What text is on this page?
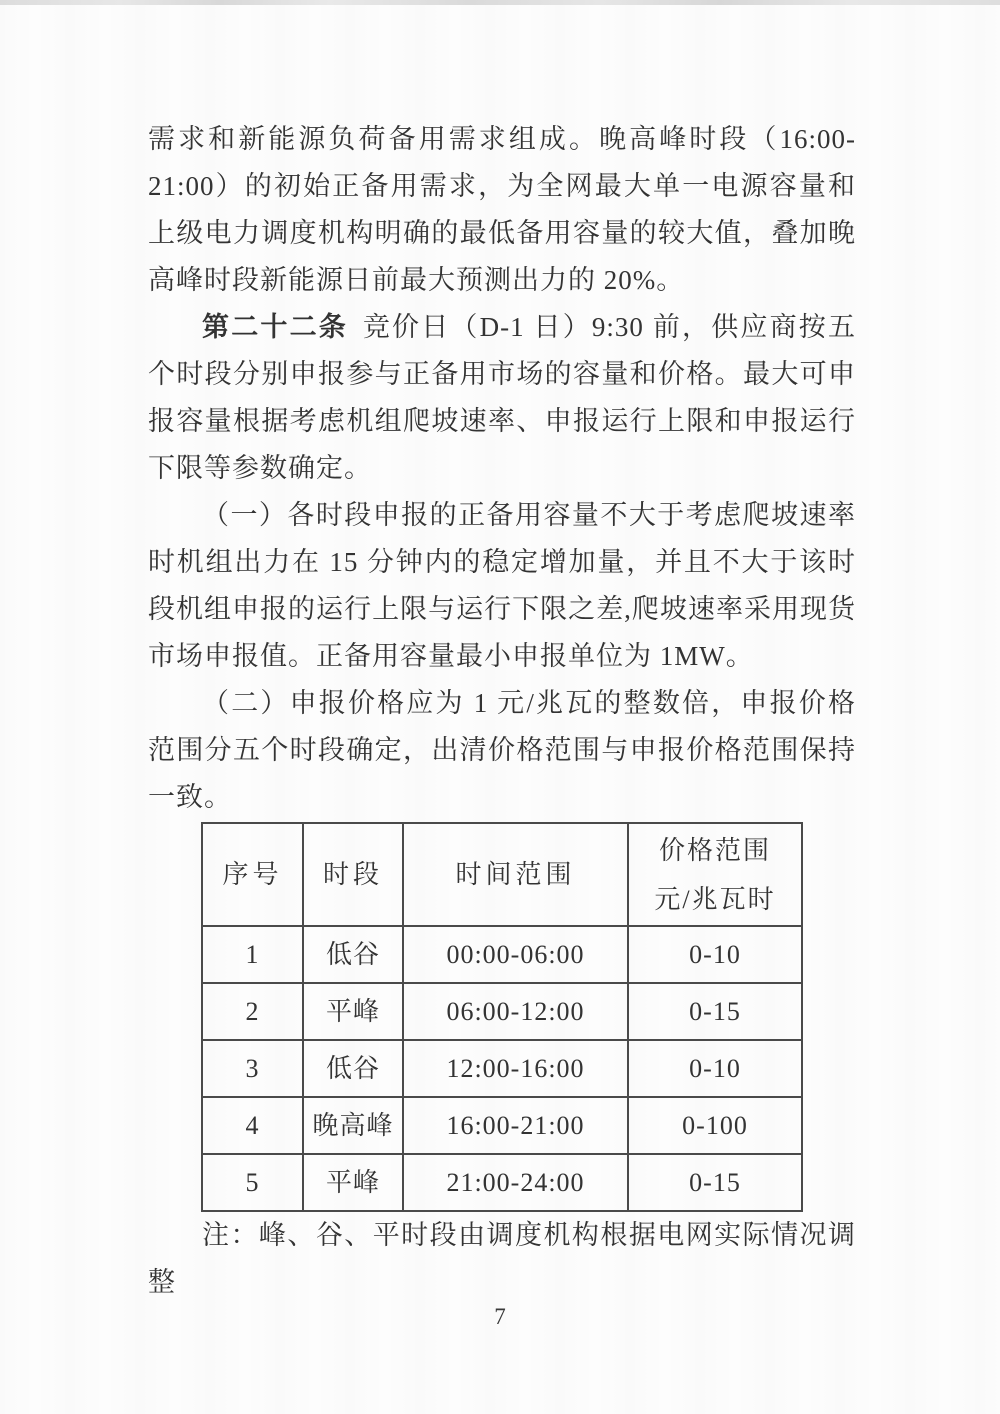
需求和新能源负荷备用需求组成。晚高峰时段（16:00-21:00）的初始正备用需求，为全网最大单一电源容量和上级电力调度机构明确的最低备用容量的较大值，叠加晚高峰时段新能源日前最大预测出力的 20%。

第二十二条 竞价日（D-1 日）9:30 前，供应商按五个时段分别申报参与正备用市场的容量和价格。最大可申报容量根据考虑机组爬坡速率、申报运行上限和申报运行下限等参数确定。

（一）各时段申报的正备用容量不大于考虑爬坡速率时机组出力在 15 分钟内的稳定增加量，并且不大于该时段机组申报的运行上限与运行下限之差,爬坡速率采用现货市场申报值。正备用容量最小申报单位为 1MW。

（二）申报价格应为 1 元/兆瓦的整数倍，申报价格范围分五个时段确定，出清价格范围与申报价格范围保持一致。

序号	时段	时间范围	价格范围
元/兆瓦时

1	低谷	00:00-06:00	0-10
2	平峰	06:00-12:00	0-15
3	低谷	12:00-16:00	0-10
4	晚高峰	16:00-21:00	0-100
5	平峰	21:00-24:00	0-15

注：峰、谷、平时段由调度机构根据电网实际情况调整

7
